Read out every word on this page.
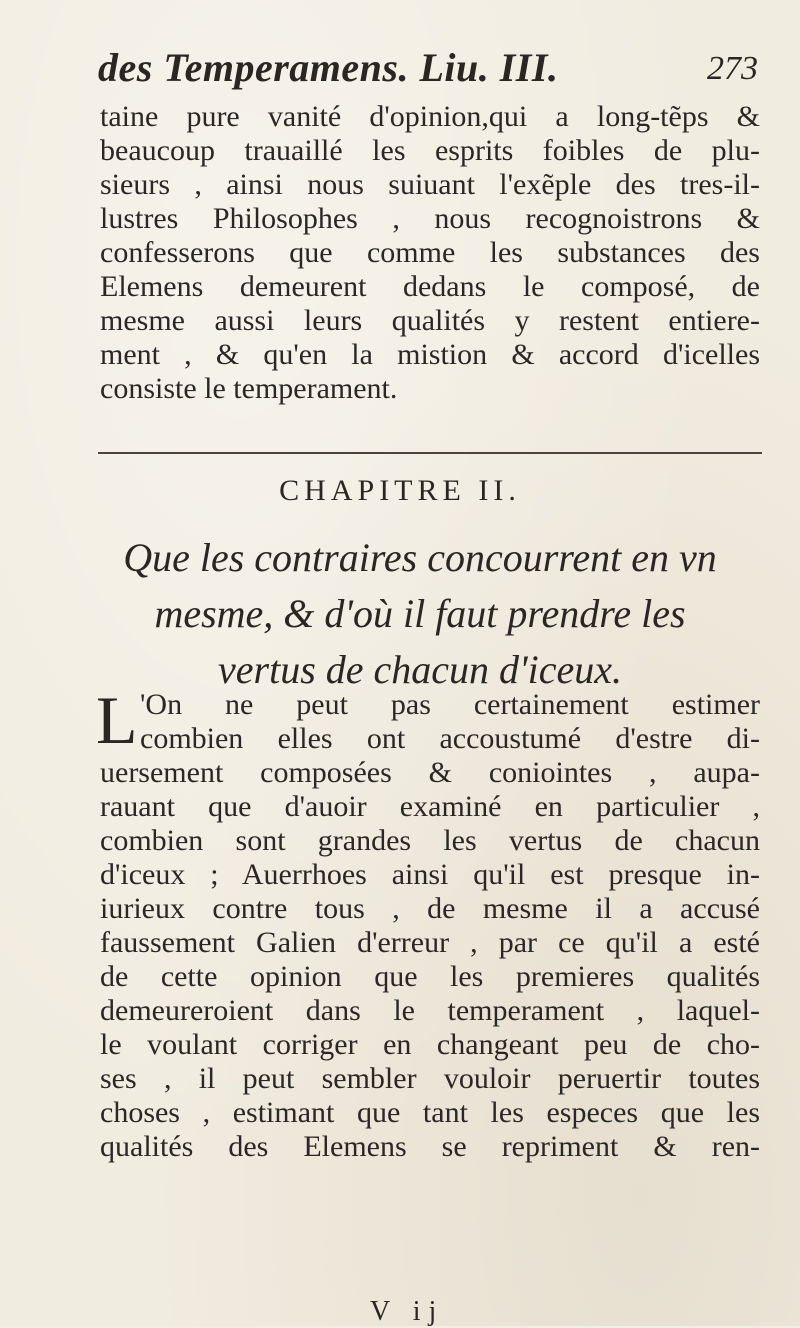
des Temperamens. Liu. III.	273
taine pure vanité d'opinion,qui a long-tẽps &
beaucoup trauaillé les esprits foibles de plu-
sieurs , ainsi nous suiuant l'exẽple des tres-il-
lustres Philosophes , nous recognoistrons &
confesserons que comme les substances des
Elemens demeurent dedans le composé, de
mesme aussi leurs qualités y restent entiere-
ment , & qu'en la mistion & accord d'icelles
consiste le temperament.
CHAPITRE II.
Que les contraires concourrent en vn
mesme, & d'où il faut prendre les
vertus de chacun d'iceux.
L 'On ne peut pas certainement estimer
combien elles ont accoustumé d'estre di-
uersement composées & coniointes , aupa-
rauant que d'auoir examiné en particulier ,
combien sont grandes les vertus de chacun
d'iceux ; Auerrhoes ainsi qu'il est presque in-
iurieux contre tous , de mesme il a accusé
faussement Galien d'erreur , par ce qu'il a esté
de cette opinion que les premieres qualités
demeureroient dans le temperament , laquel-
le voulant corriger en changeant peu de cho-
ses , il peut sembler vouloir peruertir toutes
choses , estimant que tant les especes que les
qualités des Elemens se repriment & ren-
V ij
